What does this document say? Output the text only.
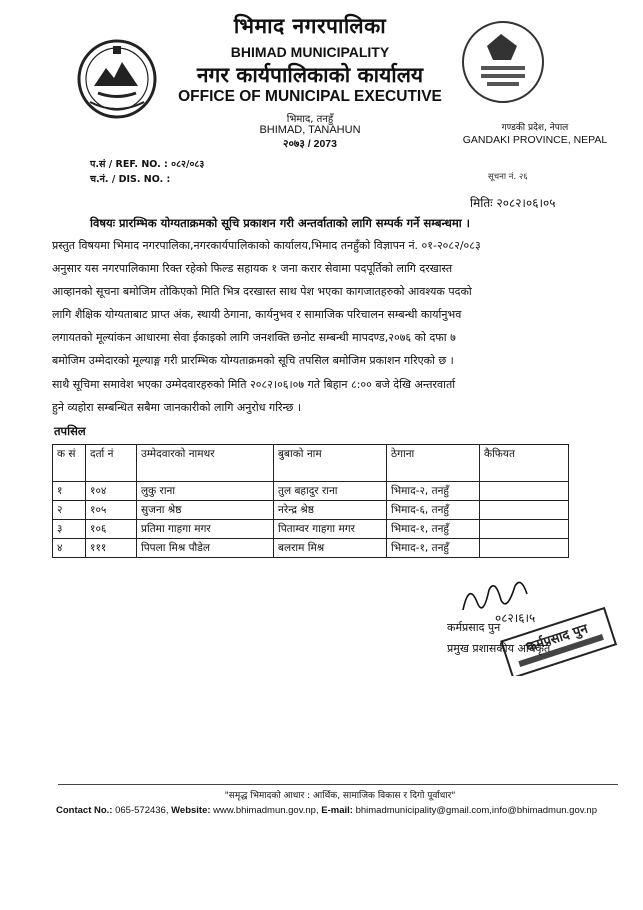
भिमाद नगरपालिका
BHIMAD MUNICIPALITY
नगर कार्यपालिकाको कार्यालय
OFFICE OF MUNICIPAL EXECUTIVE
भिमाद, तनहुँ
BHIMAD, TANAHUN
२०७३ / 2073
गण्डकी प्रदेश, नेपाल
GANDAKI PROVINCE, NEPAL
प.सं / REF. NO. : ०८२/०८३
च.नं. / DIS. NO. :	सूचना नं. २६
मितिः २०८२।०६।०५
विषयः प्रारम्भिक योग्यताक्रमको सूचि प्रकाशन गरी अन्तर्वाताको लागि सम्पर्क गर्ने सम्बन्धमा ।
प्रस्तुत विषयमा भिमाद नगरपालिका,नगरकार्यपालिकाको कार्यालय,भिमाद तनहुँको विज्ञापन नं. ०१-२०८२/०८३
अनुसार यस नगरपालिकामा रिक्त रहेको फिल्ड सहायक १ जना करार सेवामा पदपूर्तिको लागि दरखास्त
आव्हानको सूचना बमोजिम तोकिएको मिति भित्र दरखास्त साथ पेश भएका कागजातहरुको आवश्यक पदको
लागि शैक्षिक योग्यताबाट प्राप्त अंक, स्थायी ठेगाना, कार्यनुभव र सामाजिक परिचालन सम्बन्धी कार्यानुभव
लगायतको मूल्यांकन आधारमा सेवा ईकाइको लागि जनशक्ति छनोट सम्बन्धी मापदण्ड,२०७६ को दफा ७
बमोजिम उम्मेदारको मूल्याङ्ग गरी प्रारम्भिक योग्यताक्रमको सूचि तपसिल बमोजिम प्रकाशन गरिएको छ ।
साथै सूचिमा समावेश भएका उम्मेदवारहरुको मिति २०८२।०६।०७ गते बिहान ८:०० बजे देखि अन्तरवार्ता
हुने व्यहोरा सम्बन्धित सबैमा जानकारीको लागि अनुरोध गरिन्छ ।
तपसिल
क सं	दर्ता नं	उम्मेदवारको नामथर	बुबाको नाम	ठेगाना	कैफियत
१	१०४	लुकु राना	तुल बहादुर राना	भिमाद-२, तनहुँ	
२	१०५	सुजना श्रेष्ठ	नरेन्द्र श्रेष्ठ	भिमाद-६, तनहुँ	
३	१०६	प्रतिमा गाहगा मगर	पिताम्वर गाहगा मगर	भिमाद-१, तनहुँ	
४	१११	पिपला मिश्र पौडेल	बलराम मिश्र	भिमाद-१, तनहुँ	
०८२।६।५
कर्मप्रसाद पुन
कर्मप्रसाद पुन
प्रमुख प्रशासकीय अधिकृत
"समृद्ध भिमादको आधार : आर्थिक, सामाजिक विकास र दिगो पूर्वाधार"
Contact No.: 065-572436, Website: www.bhimadmun.gov.np, E-mail: bhimadmunicipality@gmail.com,info@bhimadmun.gov.np
